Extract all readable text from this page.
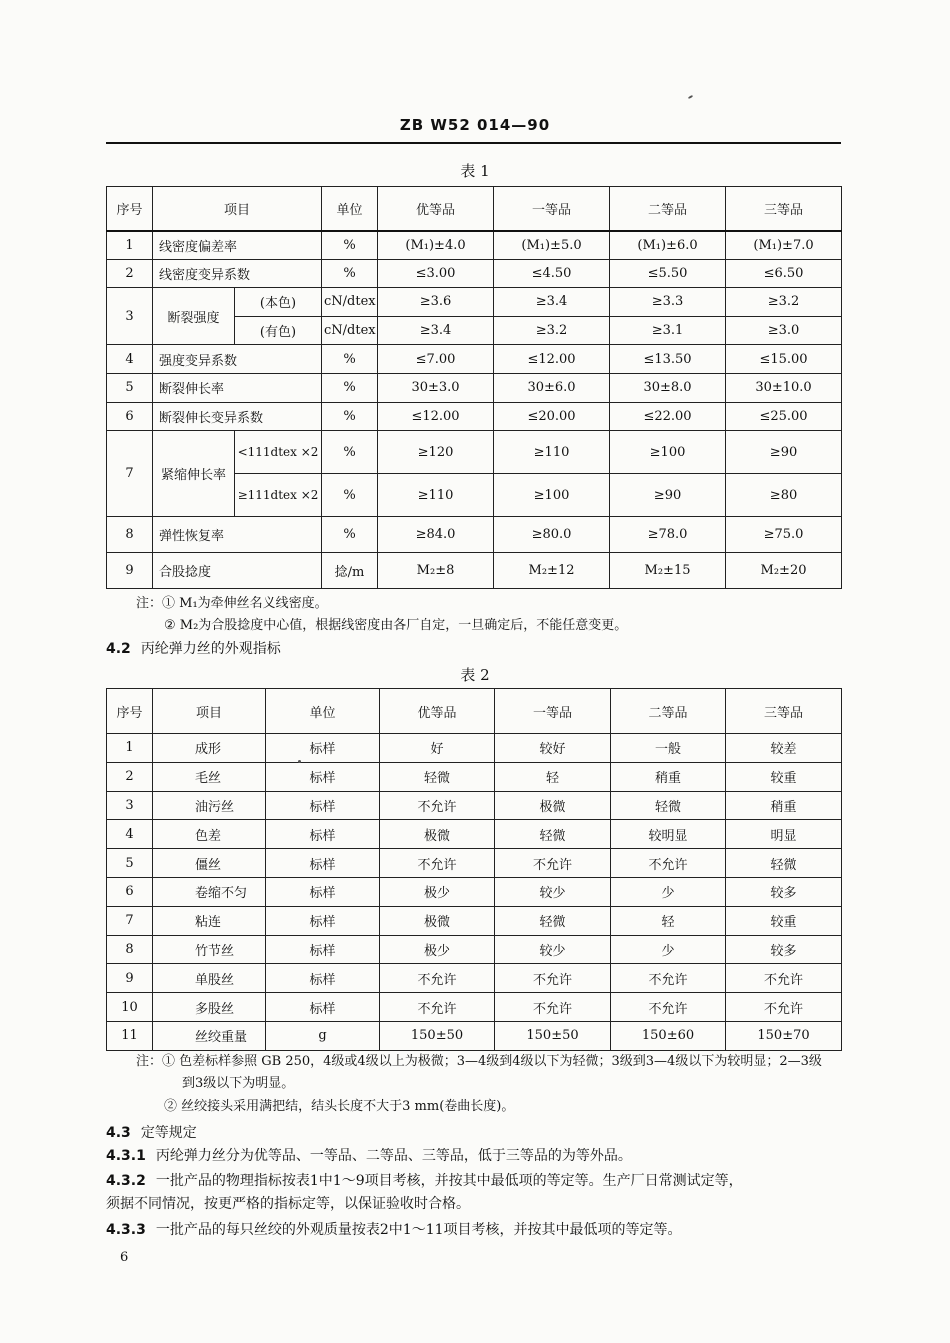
ZB W52 014—90
表 1
序号	项目		单位	优等品	一等品	二等品	三等品
1	线密度偏差率		%	(M₁)±4.0	(M₁)±5.0	(M₁)±6.0	(M₁)±7.0
2	线密度变异系数		%	≤3.00	≤4.50	≤5.50	≤6.50
3	断裂强度	(本色)	cN/dtex	≥3.6	≥3.4	≥3.3	≥3.2
		(有色)	cN/dtex	≥3.4	≥3.2	≥3.1	≥3.0
4	强度变异系数		%	≤7.00	≤12.00	≤13.50	≤15.00
5	断裂伸长率		%	30±3.0	30±6.0	30±8.0	30±10.0
6	断裂伸长变异系数		%	≤12.00	≤20.00	≤22.00	≤25.00
7	紧缩伸长率	<111dtex ×2	%	≥120	≥110	≥100	≥90
		≥111dtex ×2	%	≥110	≥100	≥90	≥80
8	弹性恢复率		%	≥84.0	≥80.0	≥78.0	≥75.0
9	合股捻度		捻/m	M₂±8	M₂±12	M₂±15	M₂±20
注：① M₁为牵伸丝名义线密度。
② M₂为合股捻度中心值，根据线密度由各厂自定，一旦确定后，不能任意变更。
4.2 丙纶弹力丝的外观指标
表 2
序号	项目	单位	优等品	一等品	二等品	三等品
1	成形	标样	好	较好	一般	较差
2	毛丝	标样	轻微	轻	稍重	较重
3	油污丝	标样	不允许	极微	轻微	稍重
4	色差	标样	极微	轻微	较明显	明显
5	僵丝	标样	不允许	不允许	不允许	轻微
6	卷缩不匀	标样	极少	较少	少	较多
7	粘连	标样	极微	轻微	轻	较重
8	竹节丝	标样	极少	较少	少	较多
9	单股丝	标样	不允许	不允许	不允许	不允许
10	多股丝	标样	不允许	不允许	不允许	不允许
11	丝绞重量	g	150±50	150±50	150±60	150±70
注：① 色差标样参照 GB 250，4级或4级以上为极微；3—4级到4级以下为轻微；3级到3—4级以下为较明显；2—3级
到3级以下为明显。
② 丝绞接头采用满把结，结头长度不大于3 mm(卷曲长度)。
4.3 定等规定
4.3.1 丙纶弹力丝分为优等品、一等品、二等品、三等品，低于三等品的为等外品。
4.3.2 一批产品的物理指标按表1中1～9项目考核，并按其中最低项的等定等。生产厂日常测试定等，
须据不同情况，按更严格的指标定等，以保证验收时合格。
4.3.3 一批产品的每只丝绞的外观质量按表2中1～11项目考核，并按其中最低项的等定等。
6
